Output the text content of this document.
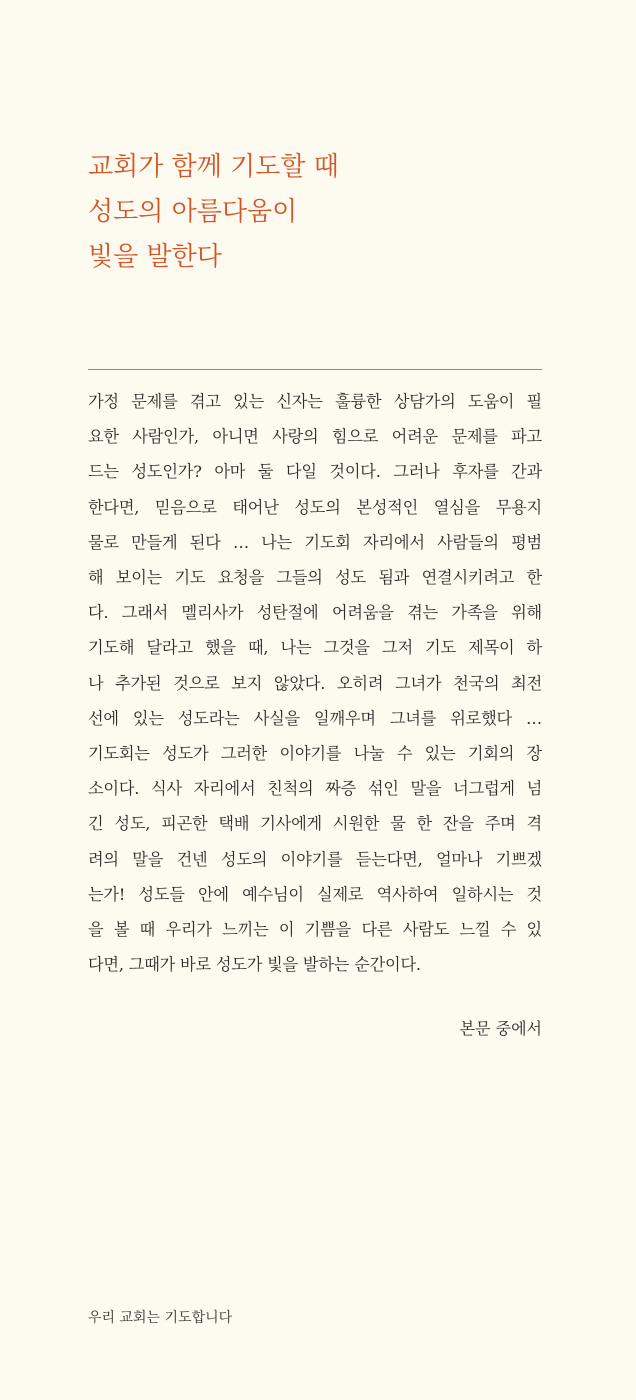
교회가 함께 기도할 때
성도의 아름다움이
빛을 발한다
가정 문제를 겪고 있는 신자는 훌륭한 상담가의 도움이 필
요한 사람인가, 아니면 사랑의 힘으로 어려운 문제를 파고
드는 성도인가? 아마 둘 다일 것이다. 그러나 후자를 간과
한다면, 믿음으로 태어난 성도의 본성적인 열심을 무용지
물로 만들게 된다 … 나는 기도회 자리에서 사람들의 평범
해 보이는 기도 요청을 그들의 성도 됨과 연결시키려고 한
다. 그래서 멜리사가 성탄절에 어려움을 겪는 가족을 위해
기도해 달라고 했을 때, 나는 그것을 그저 기도 제목이 하
나 추가된 것으로 보지 않았다. 오히려 그녀가 천국의 최전
선에 있는 성도라는 사실을 일깨우며 그녀를 위로했다 …
기도회는 성도가 그러한 이야기를 나눌 수 있는 기회의 장
소이다. 식사 자리에서 친척의 짜증 섞인 말을 너그럽게 넘
긴 성도, 피곤한 택배 기사에게 시원한 물 한 잔을 주며 격
려의 말을 건넨 성도의 이야기를 듣는다면, 얼마나 기쁘겠
는가! 성도들 안에 예수님이 실제로 역사하여 일하시는 것
을 볼 때 우리가 느끼는 이 기쁨을 다른 사람도 느낄 수 있
다면, 그때가 바로 성도가 빛을 발하는 순간이다.
본문 중에서
우리 교회는 기도합니다
